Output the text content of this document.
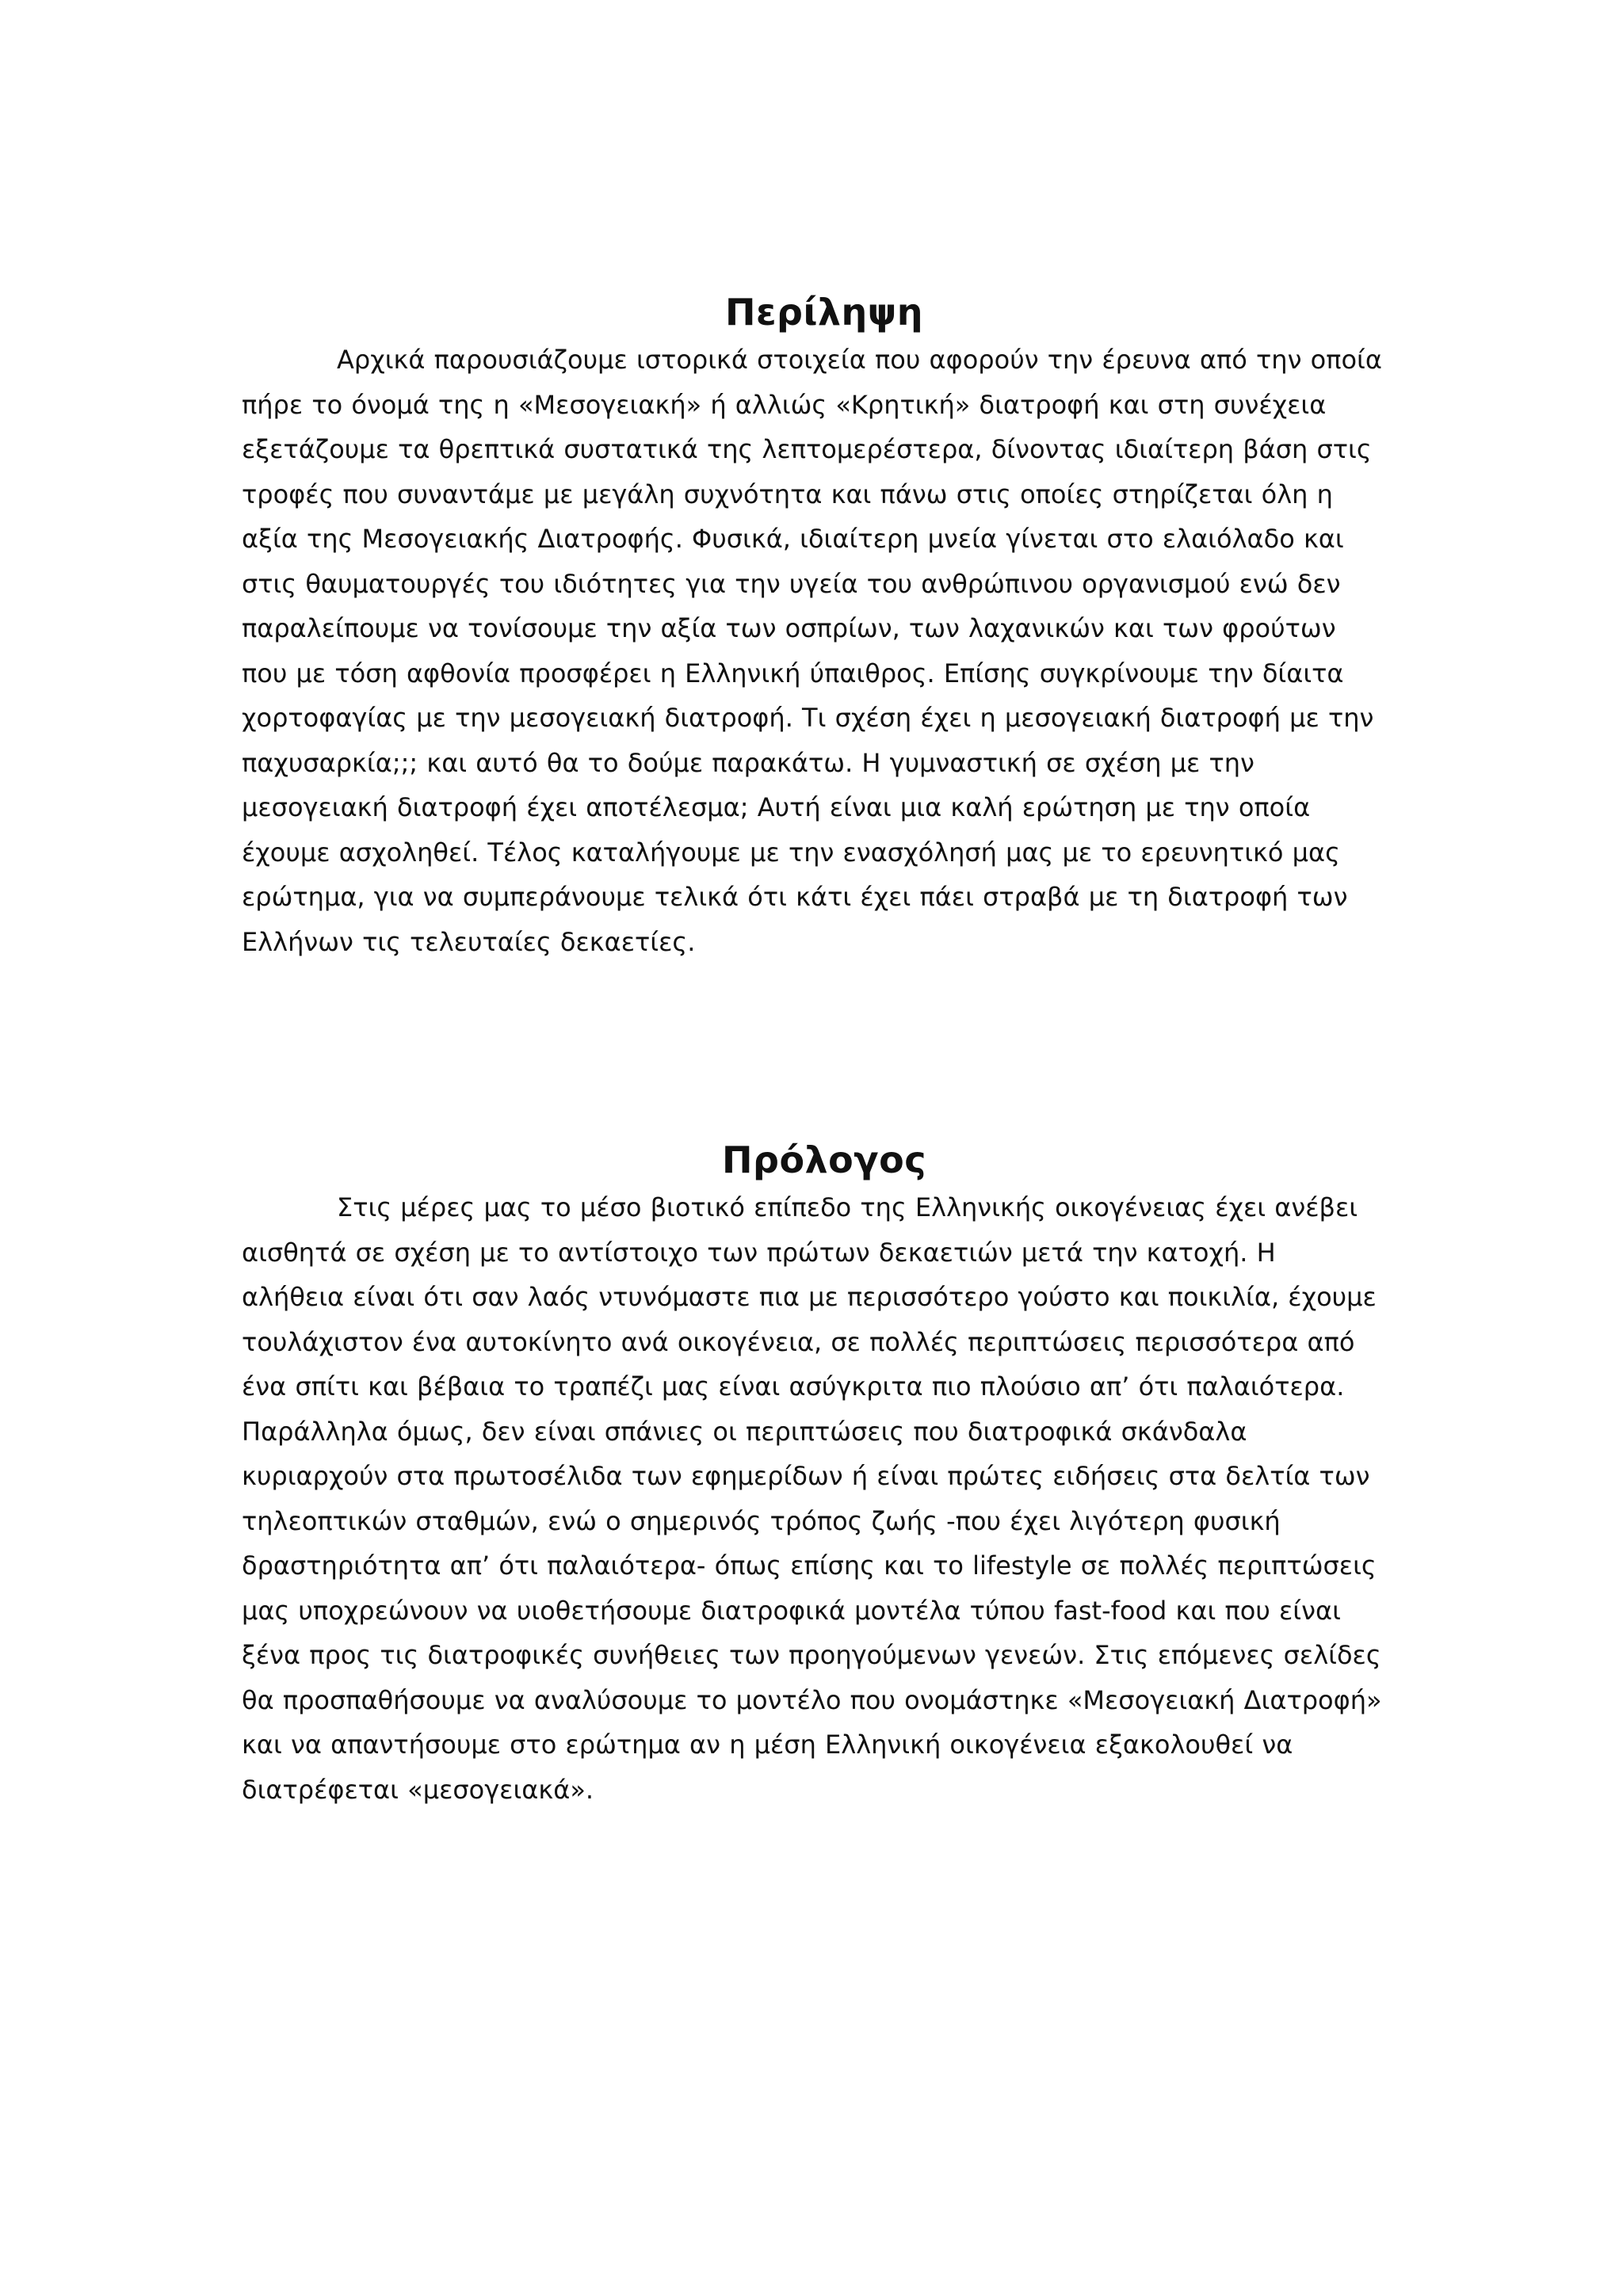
Περίληψη

Αρχικά παρουσιάζουμε ιστορικά στοιχεία που αφορούν την έρευνα από την οποία πήρε το όνομά της η «Μεσογειακή» ή αλλιώς «Κρητική» διατροφή και στη συνέχεια εξετάζουμε τα θρεπτικά συστατικά της λεπτομερέστερα, δίνοντας ιδιαίτερη βάση στις τροφές που συναντάμε με μεγάλη συχνότητα και πάνω στις οποίες στηρίζεται όλη η αξία της Μεσογειακής Διατροφής. Φυσικά, ιδιαίτερη μνεία γίνεται στο ελαιόλαδο και στις θαυματουργές του ιδιότητες για την υγεία του ανθρώπινου οργανισμού ενώ δεν παραλείπουμε να τονίσουμε την αξία των οσπρίων, των λαχανικών και των φρούτων που με τόση αφθονία προσφέρει η Ελληνική ύπαιθρος. Επίσης συγκρίνουμε την δίαιτα χορτοφαγίας με την μεσογειακή διατροφή. Τι σχέση έχει η μεσογειακή διατροφή με την παχυσαρκία;;; και αυτό θα το δούμε παρακάτω. Η γυμναστική σε σχέση με την μεσογειακή διατροφή έχει αποτέλεσμα; Αυτή είναι μια καλή ερώτηση με την οποία έχουμε ασχοληθεί. Τέλος καταλήγουμε με την ενασχόλησή μας με το ερευνητικό μας ερώτημα, για να συμπεράνουμε τελικά ότι κάτι έχει πάει στραβά με τη διατροφή των Ελλήνων τις τελευταίες δεκαετίες.

Πρόλογος

Στις μέρες μας το μέσο βιοτικό επίπεδο της Ελληνικής οικογένειας έχει ανέβει αισθητά σε σχέση με το αντίστοιχο των πρώτων δεκαετιών μετά την κατοχή. Η αλήθεια είναι ότι σαν λαός ντυνόμαστε πια με περισσότερο γούστο και ποικιλία, έχουμε τουλάχιστον ένα αυτοκίνητο ανά οικογένεια, σε πολλές περιπτώσεις περισσότερα από ένα σπίτι και βέβαια το τραπέζι μας είναι ασύγκριτα πιο πλούσιο απ’ ότι παλαιότερα. Παράλληλα όμως, δεν είναι σπάνιες οι περιπτώσεις που διατροφικά σκάνδαλα κυριαρχούν στα πρωτοσέλιδα των εφημερίδων ή είναι πρώτες ειδήσεις στα δελτία των τηλεοπτικών σταθμών, ενώ ο σημερινός τρόπος ζωής -που έχει λιγότερη φυσική δραστηριότητα απ’ ότι παλαιότερα- όπως επίσης και το lifestyle σε πολλές περιπτώσεις μας υποχρεώνουν να υιοθετήσουμε διατροφικά μοντέλα τύπου fast-food και που είναι ξένα προς τις διατροφικές συνήθειες των προηγούμενων γενεών. Στις επόμενες σελίδες θα προσπαθήσουμε να αναλύσουμε το μοντέλο που ονομάστηκε «Μεσογειακή Διατροφή» και να απαντήσουμε στο ερώτημα αν η μέση Ελληνική οικογένεια εξακολουθεί να διατρέφεται «μεσογειακά».
